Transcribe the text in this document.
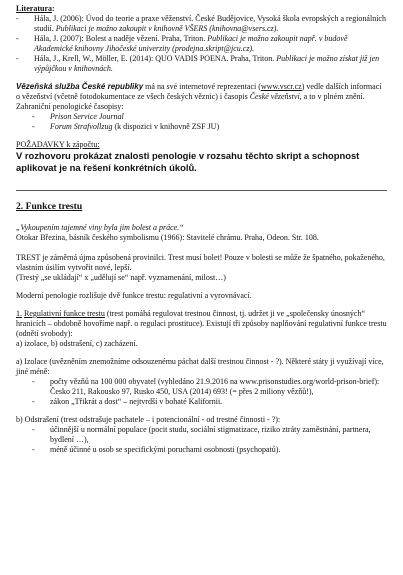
Literatura:

-	Hála, J. (2006): Úvod do teorie a praxe věženství. České Budějovice, Vysoká škola evropských a regionálních studií. Publikaci je možno zakoupit v knihovně VŠERS (knihovna@vsers.cz).
-	Hála, J. (2007): Bolest a naděje vězení. Praha, Triton. Publikaci je možno zakoupit např. v budově Akademické knihovny Jihočeské univerzity (prodejna.skript@jcu.cz).
-	Hála, J., Krell, W., Möller, E. (2014): QUO VADIS POENA. Praha, Triton. Publikaci je možno získat již jen výpůjčkou v knihovnách.

Vězeňská služba České republiky má na své internetové reprezentaci (www.vscr.cz) vedle dalších informací o vězeňství (včetně fotodokumentace ze všech českých věznic) i časopis České vězeňství, a to v plném znění.

Zahraniční penologické časopisy:

-	Prison Service Journal
-	Forum Strafvollzug (k dispozici v knihovně ZSF JU)

POŽADAVKY k zápočtu:

V rozhovoru prokázat znalosti penologie v rozsahu těchto skript a schopnost aplikovat je na řešení konkrétních úkolů.

2. Funkce trestu

„Vykoupením tajemné viny byla jim bolest a práce.“

Otokar Březina, básník českého symbolismu (1966): Stavitelé chrámu. Praha, Odeon. Str. 108.

TREST je záměrná újma způsobená provinilci. Trest musí bolet! Pouze v bolesti se může že špatného, pokaženého, vlastním úsilím vytvořit nové, lepší.

(Trestý „se ukládají“ x „udělují se“ např. vyznamenání, milost…)

Moderní penologie rozlišuje dvě funkce trestu: regulativní a vyrovnávací.

1. Regulativní funkce trestu (trest pomáhá regulovat trestnou činnost, tj. udržet ji ve „společensky únosných“ hranicích – obdobně hovoříme např. o regulaci prostituce). Existují tři způsoby naplňování regulativní funkce trestu (odnětí svobody):

a) izolace, b) odstrašení, c) zacházení.

a) Izolace (uvězněním znemožníme odsouzenému páchat další trestnou činnost - ?). Některé státy ji využívají více, jiné méně:

-	počty vězňů na 100 000 obyvatel (vyhledáno 21.9.2016 na www.prisonstudies.org/world-prison-brief): Česko 211, Rakousko 97, Rusko 450, USA (2014) 693! (= přes 2 miliony vězňů!),
-	zákon „Třikrát a dost“ – nejtvrdší v bohaté Kalifornii.

b) Odstrašení (trest odstrašuje pachatele – i potencionální - od trestné činnosti - ?):

-	účinnější u normální populace (pocit studu, sociální stigmatizace, riziko ztráty zaměstnání, partnera, bydlení …),
-	méně účinné u osob se specifickými poruchami osobnosti (psychopatů).
